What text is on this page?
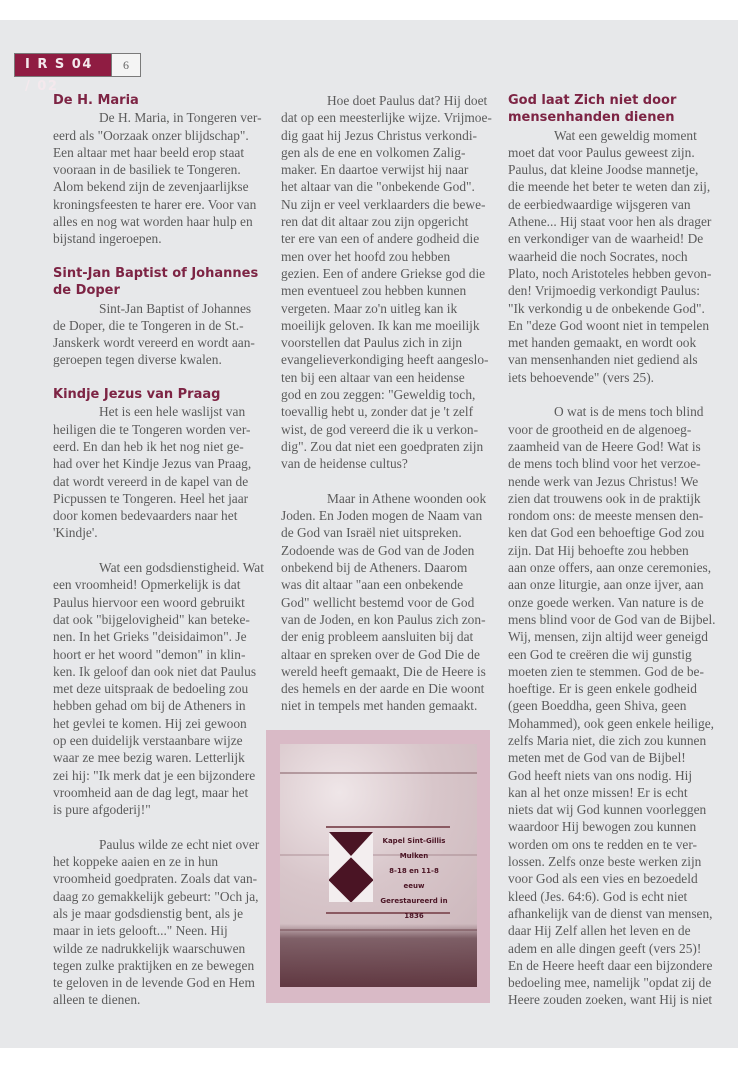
I R S 04 / 02
6
De H. Maria

De H. Maria, in Tongeren ver-
eerd als "Oorzaak onzer blijdschap".
Een altaar met haar beeld erop staat
vooraan in de basiliek te Tongeren.
Alom bekend zijn de zevenjaarlijkse
kroningsfeesten te harer ere. Voor van
alles en nog wat worden haar hulp en
bijstand ingeroepen.

Sint-Jan Baptist of Johannes
de Doper

Sint-Jan Baptist of Johannes
de Doper, die te Tongeren in de St.-
Janskerk wordt vereerd en wordt aan-
geroepen tegen diverse kwalen.

Kindje Jezus van Praag

Het is een hele waslijst van
heiligen die te Tongeren worden ver-
eerd. En dan heb ik het nog niet ge-
had over het Kindje Jezus van Praag,
dat wordt vereerd in de kapel van de
Picpussen te Tongeren. Heel het jaar
door komen bedevaarders naar het
'Kindje'.

Wat een godsdienstigheid. Wat
een vroomheid! Opmerkelijk is dat
Paulus hiervoor een woord gebruikt
dat ook "bijgelovigheid" kan beteke-
nen. In het Grieks "deisidaimon". Je
hoort er het woord "demon" in klin-
ken. Ik geloof dan ook niet dat Paulus
met deze uitspraak de bedoeling zou
hebben gehad om bij de Atheners in
het gevlei te komen. Hij zei gewoon
op een duidelijk verstaanbare wijze
waar ze mee bezig waren. Letterlijk
zei hij: "Ik merk dat je een bijzondere
vroomheid aan de dag legt, maar het
is pure afgoderij!"

Paulus wilde ze echt niet over
het koppeke aaien en ze in hun
vroomheid goedpraten. Zoals dat van-
daag zo gemakkelijk gebeurt: "Och ja,
als je maar godsdienstig bent, als je
maar in iets gelooft..." Neen. Hij
wilde ze nadrukkelijk waarschuwen
tegen zulke praktijken en ze bewegen
te geloven in de levende God en Hem
alleen te dienen.

Hoe doet Paulus dat? Hij doet
dat op een meesterlijke wijze. Vrijmoe-
dig gaat hij Jezus Christus verkondi-
gen als de ene en volkomen Zalig-
maker. En daartoe verwijst hij naar
het altaar van die "onbekende God".
Nu zijn er veel verklaarders die bewe-
ren dat dit altaar zou zijn opgericht
ter ere van een of andere godheid die
men over het hoofd zou hebben
gezien. Een of andere Griekse god die
men eventueel zou hebben kunnen
vergeten. Maar zo'n uitleg kan ik
moeilijk geloven. Ik kan me moeilijk
voorstellen dat Paulus zich in zijn
evangelieverkondiging heeft aangeslo-
ten bij een altaar van een heidense
god en zou zeggen: "Geweldig toch,
toevallig hebt u, zonder dat je 't zelf
wist, de god vereerd die ik u verkon-
dig". Zou dat niet een goedpraten zijn
van de heidense cultus?

Maar in Athene woonden ook
Joden. En Joden mogen de Naam van
de God van Israël niet uitspreken.
Zodoende was de God van de Joden
onbekend bij de Atheners. Daarom
was dit altaar "aan een onbekende
God" wellicht bestemd voor de God
van de Joden, en kon Paulus zich zon-
der enig probleem aansluiten bij dat
altaar en spreken over de God Die de
wereld heeft gemaakt, Die de Heere is
des hemels en der aarde en Die woont
niet in tempels met handen gemaakt.

God laat Zich niet door
mensenhanden dienen

Wat een geweldig moment
moet dat voor Paulus geweest zijn.
Paulus, dat kleine Joodse mannetje,
die meende het beter te weten dan zij,
de eerbiedwaardige wijsgeren van
Athene... Hij staat voor hen als drager
en verkondiger van de waarheid! De
waarheid die noch Socrates, noch
Plato, noch Aristoteles hebben gevon-
den! Vrijmoedig verkondigt Paulus:
"Ik verkondig u de onbekende God".
En "deze God woont niet in tempelen
met handen gemaakt, en wordt ook
van mensenhanden niet gediend als
iets behoevende" (vers 25).

O wat is de mens toch blind
voor de grootheid en de algenoeg-
zaamheid van de Heere God! Wat is
de mens toch blind voor het verzoe-
nende werk van Jezus Christus! We
zien dat trouwens ook in de praktijk
rondom ons: de meeste mensen den-
ken dat God een behoeftige God zou
zijn. Dat Hij behoefte zou hebben
aan onze offers, aan onze ceremonies,
aan onze liturgie, aan onze ijver, aan
onze goede werken. Van nature is de
mens blind voor de God van de Bijbel.
Wij, mensen, zijn altijd weer geneigd
een God te creëren die wij gunstig
moeten zien te stemmen. God de be-
hoeftige. Er is geen enkele godheid
(geen Boeddha, geen Shiva, geen
Mohammed), ook geen enkele heilige,
zelfs Maria niet, die zich zou kunnen
meten met de God van de Bijbel!
God heeft niets van ons nodig. Hij
kan al het onze missen! Er is echt
niets dat wij God kunnen voorleggen
waardoor Hij bewogen zou kunnen
worden om ons te redden en te ver-
lossen. Zelfs onze beste werken zijn
voor God als een vies en bezoedeld
kleed (Jes. 64:6). God is echt niet
afhankelijk van de dienst van mensen,
daar Hij Zelf allen het leven en de
adem en alle dingen geeft (vers 25)!
En de Heere heeft daar een bijzondere
bedoeling mee, namelijk "opdat zij de
Heere zouden zoeken, want Hij is niet

Kapel Sint-Gillis
Mulken
8-18 en 11-8 eeuw
Gerestaureerd in 1836
